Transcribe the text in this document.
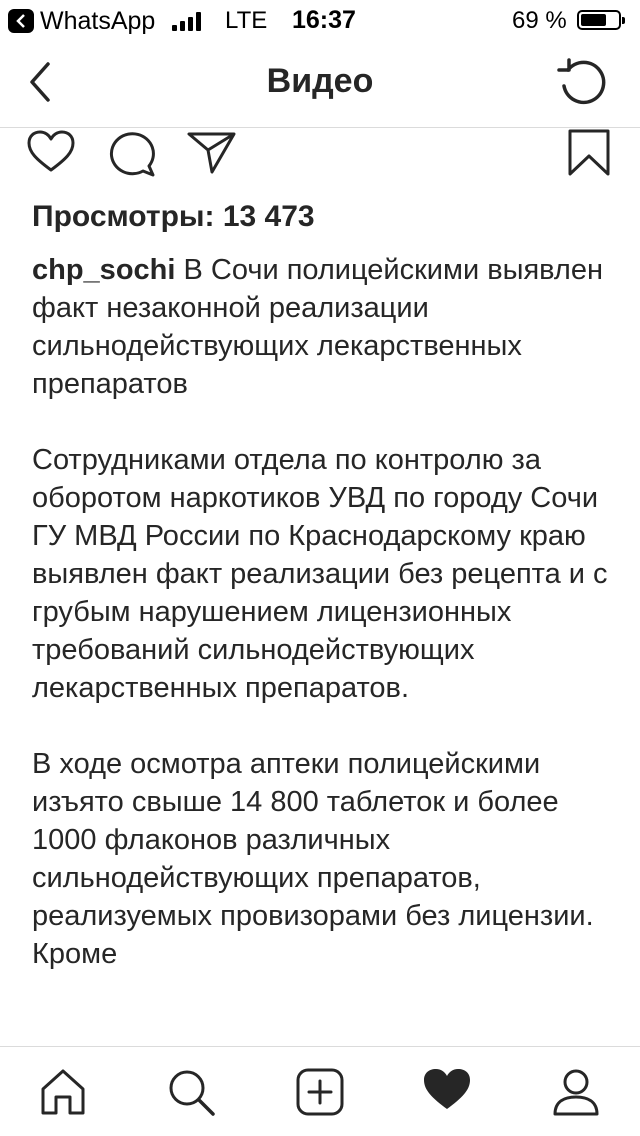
WhatsApp	LTE 16:37	69 %
Видео
Просмотры: 13 473

chp_sochi В Сочи полицейскими выявлен факт незаконной реализации сильнодействующих лекарственных препаратов

Сотрудниками отдела по контролю за оборотом наркотиков УВД по городу Сочи ГУ МВД России по Краснодарскому краю выявлен факт реализации без рецепта и с грубым нарушением лицензионных требований сильнодействующих лекарственных препаратов.

В ходе осмотра аптеки полицейскими изъято свыше 14 800 таблеток и более 1000 флаконов различных сильнодействующих препаратов, реализуемых провизорами без лицензии. Кроме
